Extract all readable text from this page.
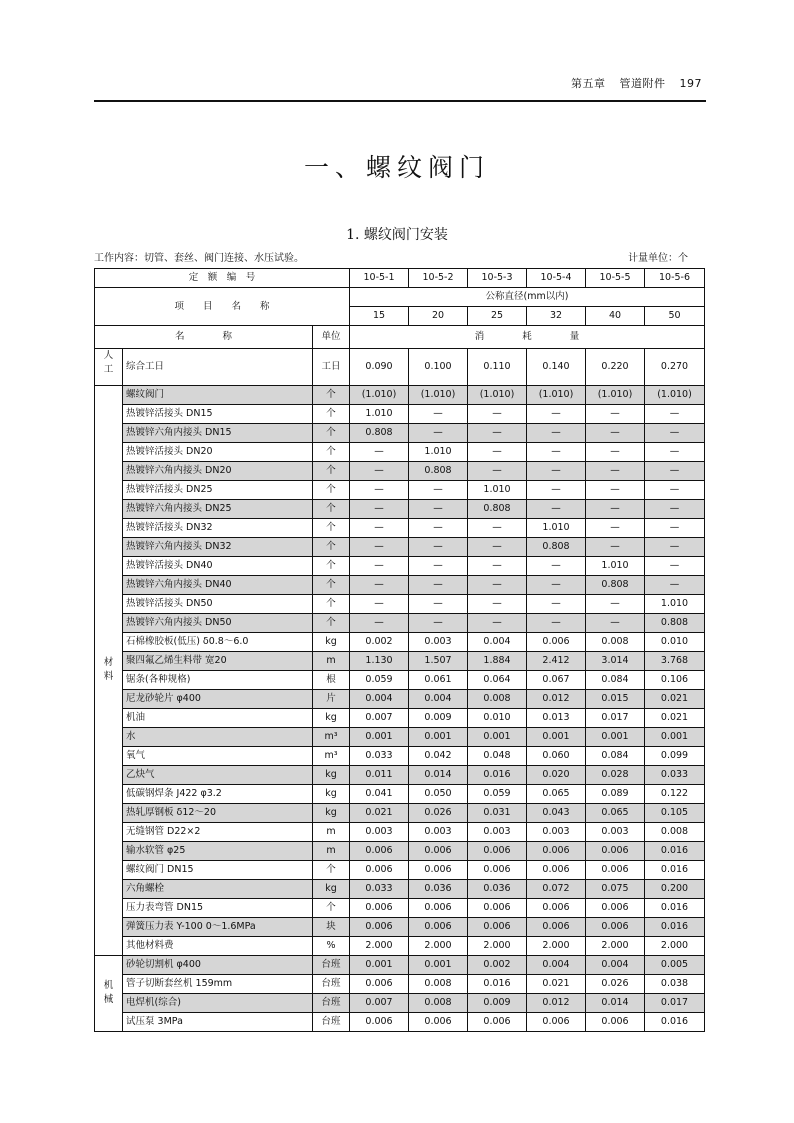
第五章 管道附件 197
一、螺纹阀门
1. 螺纹阀门安装
工作内容：切管、套丝、阀门连接、水压试验。	计量单位：个
定　额　编　号			10-5-1	10-5-2	10-5-3	10-5-4	10-5-5	10-5-6
项　　目　　名　　称			公称直径(mm以内)					
			15	20	25	32	40	50
名　　　　称		单位	消　　　　耗　　　　量					
人工	综合工日	工日	0.090	0.100	0.110	0.140	0.220	0.270
材料	螺纹阀门	个	(1.010)	(1.010)	(1.010)	(1.010)	(1.010)	(1.010)
	热镀锌活接头 DN15	个	1.010	—	—	—	—	—
	热镀锌六角内接头 DN15	个	0.808	—	—	—	—	—
	热镀锌活接头 DN20	个	—	1.010	—	—	—	—
	热镀锌六角内接头 DN20	个	—	0.808	—	—	—	—
	热镀锌活接头 DN25	个	—	—	1.010	—	—	—
	热镀锌六角内接头 DN25	个	—	—	0.808	—	—	—
	热镀锌活接头 DN32	个	—	—	—	1.010	—	—
	热镀锌六角内接头 DN32	个	—	—	—	0.808	—	—
	热镀锌活接头 DN40	个	—	—	—	—	1.010	—
	热镀锌六角内接头 DN40	个	—	—	—	—	0.808	—
	热镀锌活接头 DN50	个	—	—	—	—	—	1.010
	热镀锌六角内接头 DN50	个	—	—	—	—	—	0.808
	石棉橡胶板(低压) δ0.8～6.0	kg	0.002	0.003	0.004	0.006	0.008	0.010
	聚四氟乙烯生料带 宽20	m	1.130	1.507	1.884	2.412	3.014	3.768
	锯条(各种规格)	根	0.059	0.061	0.064	0.067	0.084	0.106
	尼龙砂轮片 φ400	片	0.004	0.004	0.008	0.012	0.015	0.021
	机油	kg	0.007	0.009	0.010	0.013	0.017	0.021
	水	m³	0.001	0.001	0.001	0.001	0.001	0.001
	氧气	m³	0.033	0.042	0.048	0.060	0.084	0.099
	乙炔气	kg	0.011	0.014	0.016	0.020	0.028	0.033
	低碳钢焊条 J422 φ3.2	kg	0.041	0.050	0.059	0.065	0.089	0.122
	热轧厚钢板 δ12～20	kg	0.021	0.026	0.031	0.043	0.065	0.105
	无缝钢管 D22×2	m	0.003	0.003	0.003	0.003	0.003	0.008
	输水软管 φ25	m	0.006	0.006	0.006	0.006	0.006	0.016
	螺纹阀门 DN15	个	0.006	0.006	0.006	0.006	0.006	0.016
	六角螺栓	kg	0.033	0.036	0.036	0.072	0.075	0.200
	压力表弯管 DN15	个	0.006	0.006	0.006	0.006	0.006	0.016
	弹簧压力表 Y-100 0～1.6MPa	块	0.006	0.006	0.006	0.006	0.006	0.016
	其他材料费	%	2.000	2.000	2.000	2.000	2.000	2.000
机械	砂轮切割机 φ400	台班	0.001	0.001	0.002	0.004	0.004	0.005
	管子切断套丝机 159mm	台班	0.006	0.008	0.016	0.021	0.026	0.038
	电焊机(综合)	台班	0.007	0.008	0.009	0.012	0.014	0.017
	试压泵 3MPa	台班	0.006	0.006	0.006	0.006	0.006	0.016
